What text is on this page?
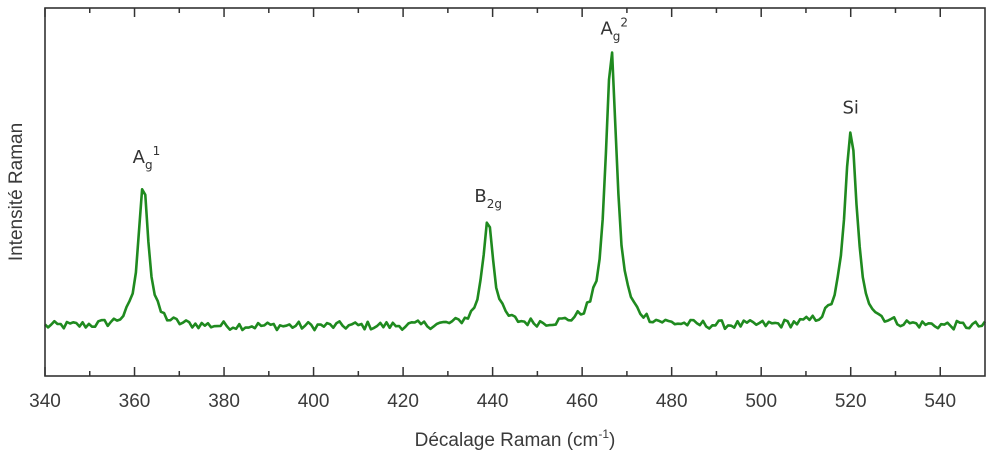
340	360	380	400	420	440	460	480	500	520	540
$A_g^1$
$B_{2g}$
$A_g^2$
Si
Décalage Raman $(cm^{-1})$
Intensité Raman
